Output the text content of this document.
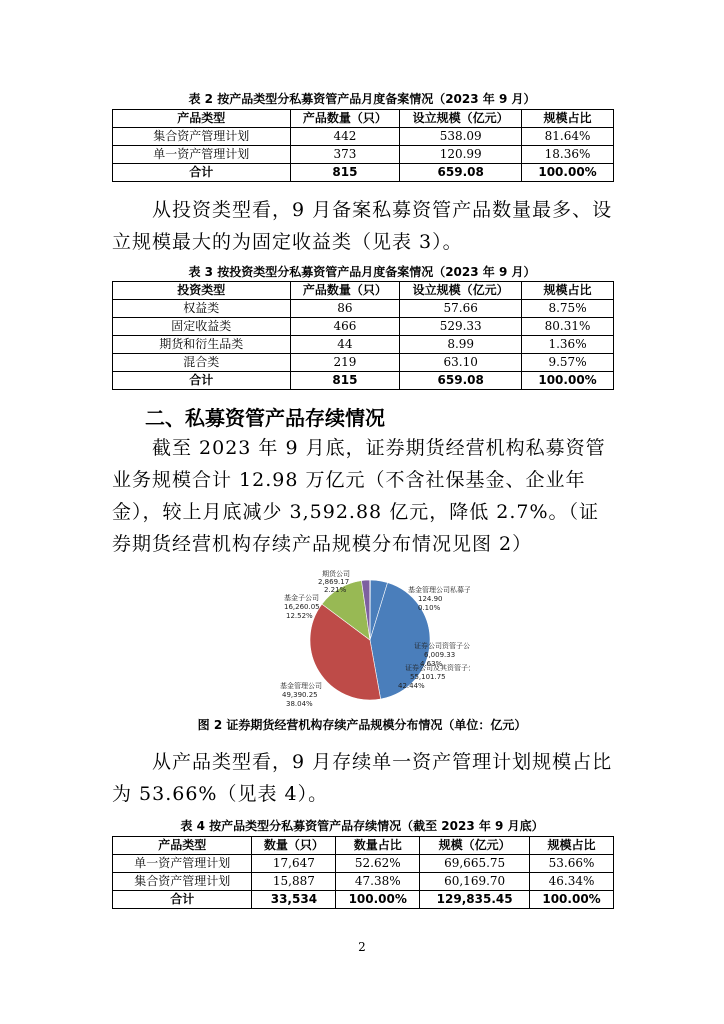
表 2 按产品类型分私募资管产品月度备案情况（2023 年 9 月）
产品类型	产品数量（只）	设立规模（亿元）	规模占比
集合资产管理计划	442	538.09	81.64%
单一资产管理计划	373	120.99	18.36%
合计	815	659.08	100.00%
从投资类型看，9 月备案私募资管产品数量最多、设立规模最大的为固定收益类（见表 3）。
表 3 按投资类型分私募资管产品月度备案情况（2023 年 9 月）
投资类型	产品数量（只）	设立规模（亿元）	规模占比
权益类	86	57.66	8.75%
固定收益类	466	529.33	80.31%
期货和衍生品类	44	8.99	1.36%
混合类	219	63.10	9.57%
合计	815	659.08	100.00%
二、私募资管产品存续情况
截至 2023 年 9 月底，证券期货经营机构私募资管业务规模合计 12.98 万亿元（不含社保基金、企业年金），较上月底减少 3,592.88 亿元，降低 2.7%。（证券期货经营机构存续产品规模分布情况见图 2）
基金管理公司私募子
124.90
0.10%
证券公司资管子公
6,009.33
4.63%
证券公司及其资管子
55,101.75
42.44%
基金管理公司
49,390.25
38.04%
基金子公司
16,260.05
12.52%
期货公司
2,869.17
2.21%
图 2 证券期货经营机构存续产品规模分布情况（单位：亿元）
从产品类型看，9 月存续单一资产管理计划规模占比为 53.66%（见表 4）。
表 4 按产品类型分私募资管产品存续情况（截至 2023 年 9 月底）
产品类型	数量（只）	数量占比	规模（亿元）	规模占比
单一资产管理计划	17,647	52.62%	69,665.75	53.66%
集合资产管理计划	15,887	47.38%	60,169.70	46.34%
合计	33,534	100.00%	129,835.45	100.00%
2
